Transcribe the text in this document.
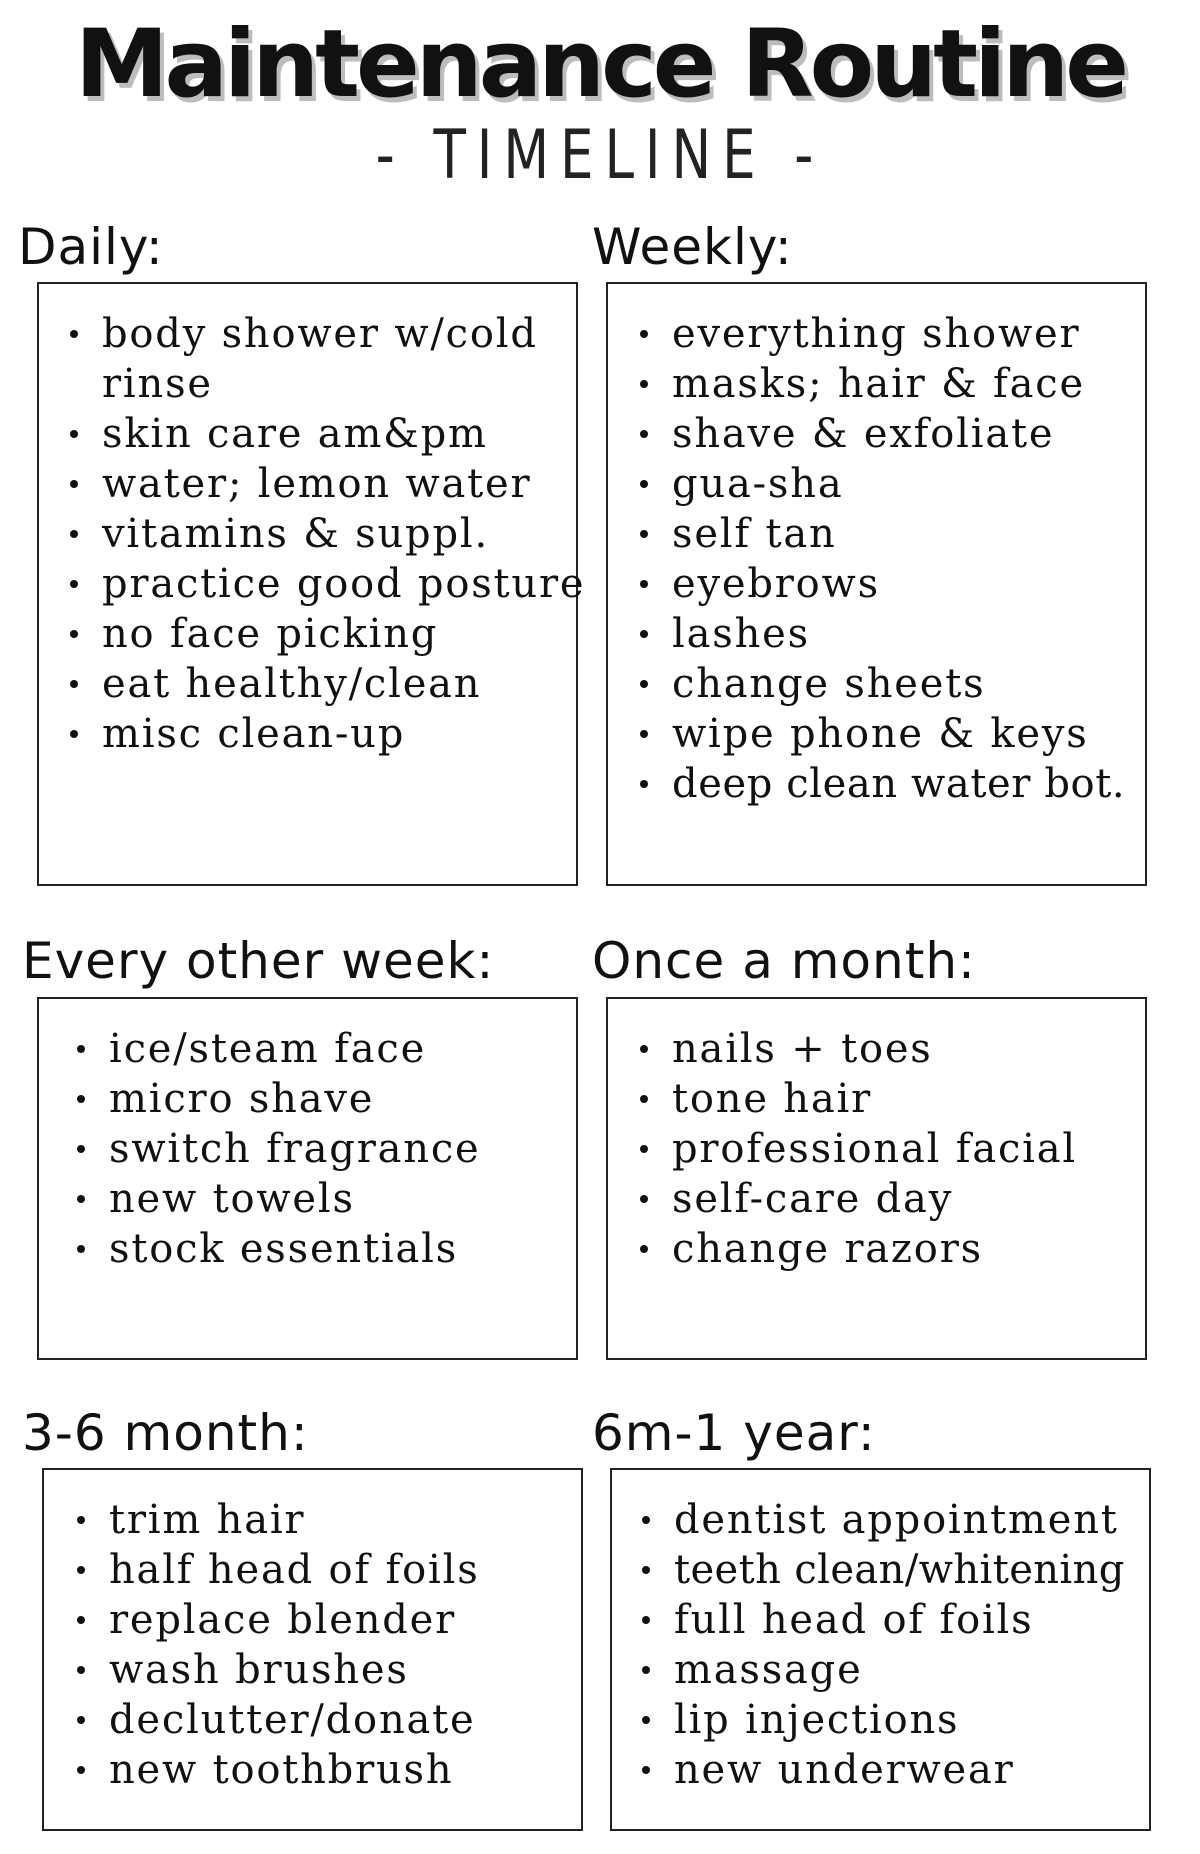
Maintenance Routine
- TIMELINE -
Daily:
body shower w/cold rinse
skin care am&pm
water; lemon water
vitamins & suppl.
practice good posture
no face picking
eat healthy/clean
misc clean-up
Weekly:
everything shower
masks; hair & face
shave & exfoliate
gua-sha
self tan
eyebrows
lashes
change sheets
wipe phone & keys
deep clean water bot.
Every other week:
ice/steam face
micro shave
switch fragrance
new towels
stock essentials
Once a month:
nails + toes
tone hair
professional facial
self-care day
change razors
3-6 month:
trim hair
half head of foils
replace blender
wash brushes
declutter/donate
new toothbrush
6m-1 year:
dentist appointment
teeth clean/whitening
full head of foils
massage
lip injections
new underwear
